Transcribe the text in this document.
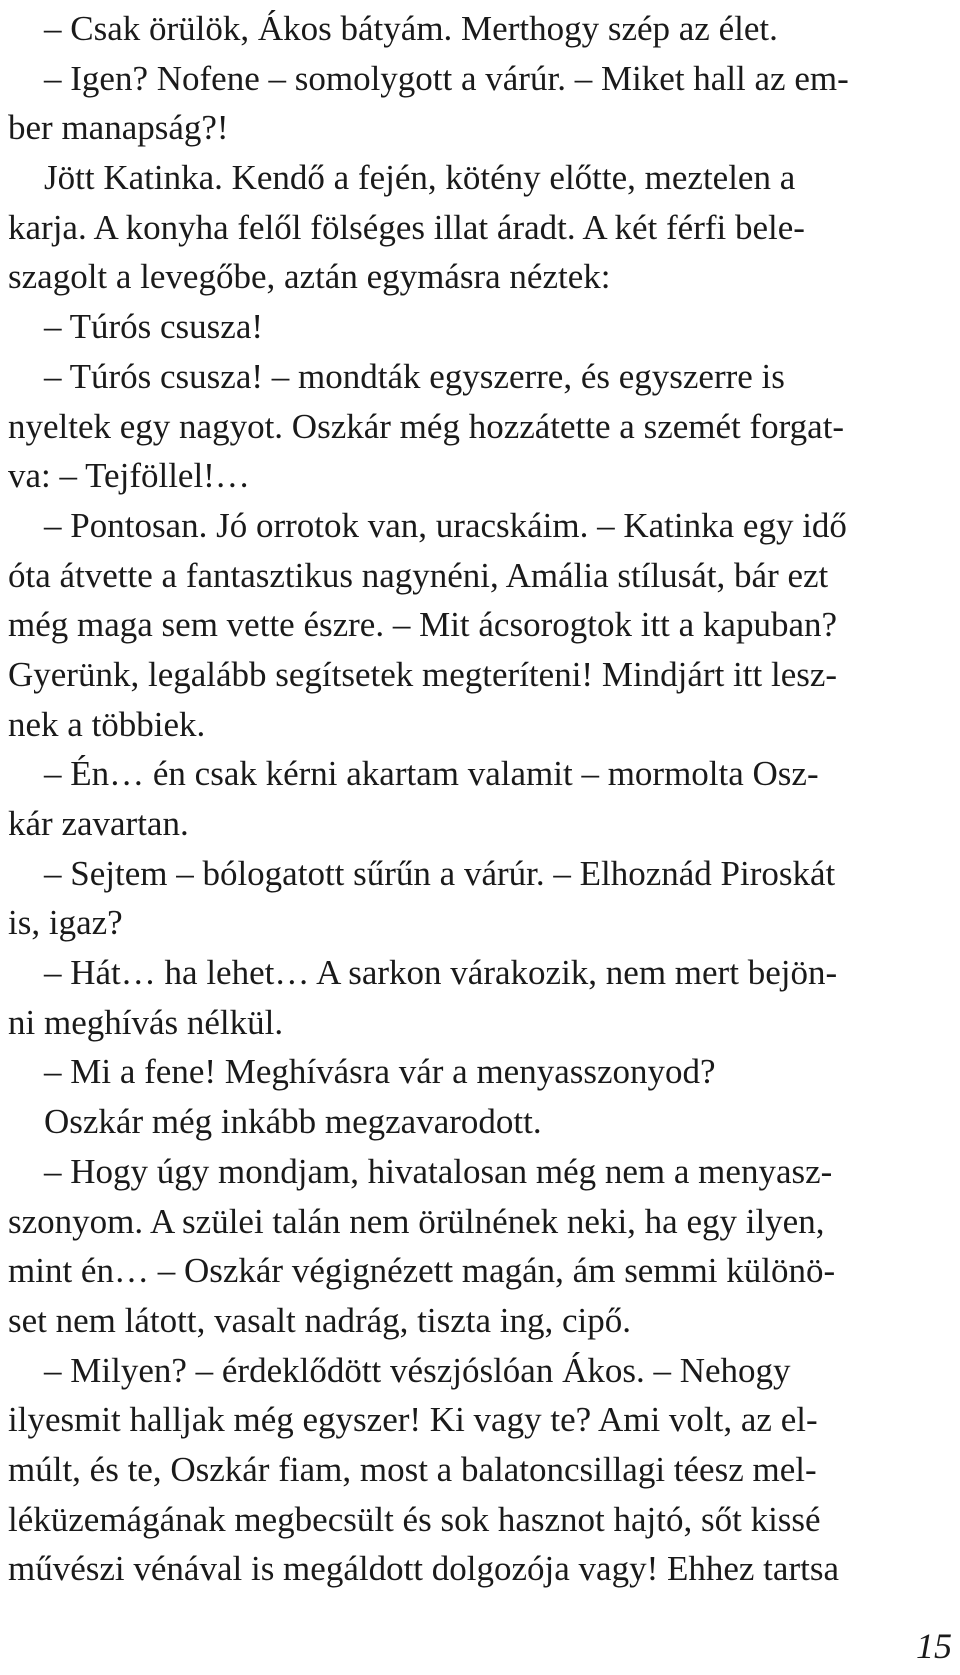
– Csak örülök, Ákos bátyám. Merthogy szép az élet.
– Igen? Nofene – somolygott a várúr. – Miket hall az em-
ber manapság?!
Jött Katinka. Kendő a fején, kötény előtte, meztelen a
karja. A konyha felől fölséges illat áradt. A két férfi bele-
szagolt a levegőbe, aztán egymásra néztek:
– Túrós csusza!
– Túrós csusza! – mondták egyszerre, és egyszerre is
nyeltek egy nagyot. Oszkár még hozzátette a szemét forgat-
va: – Tejföllel!…
– Pontosan. Jó orrotok van, uracskáim. – Katinka egy idő
óta átvette a fantasztikus nagynéni, Amália stílusát, bár ezt
még maga sem vette észre. – Mit ácsorogtok itt a kapuban?
Gyerünk, legalább segítsetek megteríteni! Mindjárt itt lesz-
nek a többiek.
– Én… én csak kérni akartam valamit – mormolta Osz-
kár zavartan.
– Sejtem – bólogatott sűrűn a várúr. – Elhoznád Piroskát
is, igaz?
– Hát… ha lehet… A sarkon várakozik, nem mert bejön-
ni meghívás nélkül.
– Mi a fene! Meghívásra vár a menyasszonyod?
Oszkár még inkább megzavarodott.
– Hogy úgy mondjam, hivatalosan még nem a menyasz-
szonyom. A szülei talán nem örülnének neki, ha egy ilyen,
mint én… – Oszkár végignézett magán, ám semmi különö-
set nem látott, vasalt nadrág, tiszta ing, cipő.
– Milyen? – érdeklődött vészjóslóan Ákos. – Nehogy
ilyesmit halljak még egyszer! Ki vagy te? Ami volt, az el-
múlt, és te, Oszkár fiam, most a balatoncsillagi téesz mel-
léküzemágának megbecsült és sok hasznot hajtó, sőt kissé
művészi vénával is megáldott dolgozója vagy! Ehhez tartsa
15
